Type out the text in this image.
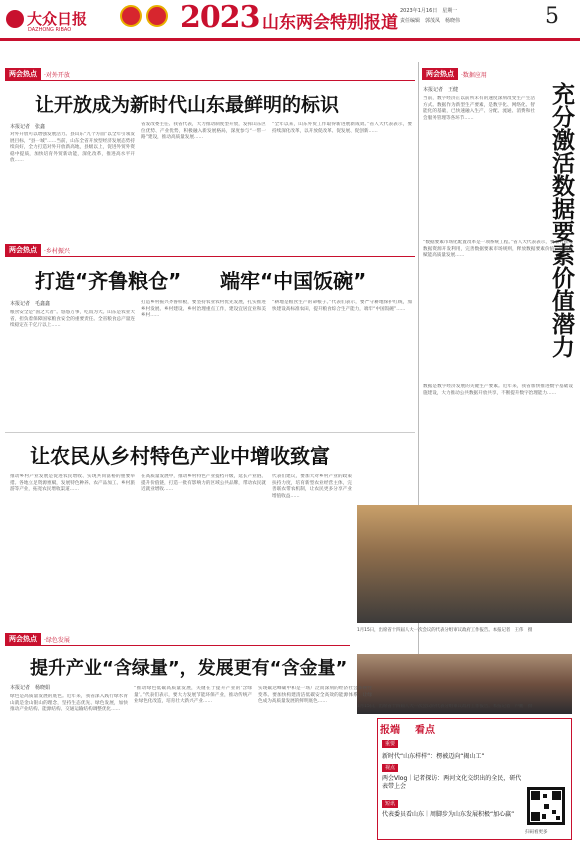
大众日报
DAZHONG RIBAO	2023 山东两会特别报道
2023年1月16日　星期一
责任编辑　郭茂凤　杨晓伟	5
两会热点	·对外开放
让开放成为新时代山东最鲜明的标识
本报记者　张鑫
对外开放可以增强发展活力。县山东“九个方面”以全年引领发展目标，“县一城”……当前，山东全省开放型经济发展态势持续向好，全力打造对外开放新高地，县级以上，促进外贸外资稳中提质，加快培育外贸新动能，深化改革，推进高水平开放……
省发改委主任、我省代表，大力推动制度型开放，发挥山东区位优势、产业优势，积极融入新发展格局，深度参与“一带一路”建设，推动高质量发展……
“全年以来，山东外贸工作取得新进展新成效。”省人大代表表示，要持续深化改革，以开放促改革、促发展、促创新……
两会热点	·数据应用
充分激活数据要素价值潜力
本报记者　王健
当前，数字经济正以前所未有的速度深刻改变生产生活方式。数据作为新型生产要素，是数字化、网络化、智能化的基础，已快速融入生产、分配、流通、消费和社会服务管理等各环节……
“数据要素市场化配置改革是一项系统工程。”省人大代表表示，要着力推进数据资源开发利用，完善数据要素市场规则，释放数据要素价值，以数据赋能高质量发展……
数据是数字经济发展的关键生产要素。近年来，我省加快推进数字基础设施建设，大力推动公共数据开放共享，不断提升数字治理能力……
两会热点	·乡村振兴
打造“齐鲁粮仓” 端牢“中国饭碗”
本报记者　毛鑫鑫
粮食安全是“国之大者”。悠悠万事，吃饭为大。山东是农业大省，担负着保障国家粮食安全的重要责任。全省粮食总产量连续稳定在千亿斤以上……
打造乡村振兴齐鲁样板，要坚持农业农村优先发展，扎实推进乡村发展、乡村建设、乡村治理重点工作，建设宜居宜业和美乡村……
“耕地是粮食生产的命根子。”代表们表示，要严守耕地保护红线，加快建设高标准农田，提升粮食综合生产能力，端牢“中国饭碗”……
让农民从乡村特色产业中增收致富
推动乡村产业发展是促进农民增收、实现共同富裕的重要举措。各地立足资源禀赋，发展特色种养、农产品加工、乡村旅游等产业，拓宽农民增收渠道……
在高质量发展中，推动乡村特色产业提档升级，延长产业链、提升价值链，打造一批有影响力的区域公共品牌，带动农民就近就业增收……
代表们建议，要加大对乡村产业的政策扶持力度，培育新型农业经营主体，完善联农带农机制，让农民更多分享产业增值收益……
1月15日，出席省十四届人大一次会议的代表分组审议政府工作报告。本报记者　王伟　摄
1月15日，出席省十四届人大一次会议的代表分组审议政府工作报告。本报记者　卢鹏　摄
两会热点	·绿色发展
提升产业“含绿量”，发展更有“含金量”
本报记者　杨晓娟
绿色是高质量发展的底色。近年来，我省深入践行绿水青山就是金山银山的理念，坚持生态优先、绿色发展，加快推动产业结构、能源结构、交通运输结构调整优化……
“推动绿色低碳高质量发展，关键在于提升产业的‘含绿量’。”代表们表示，要大力发展节能环保产业，推动传统产业绿色化改造，培育壮大新兴产业……
实现碳达峰碳中和是一场广泛而深刻的经济社会系统性变革。要加快构建清洁低碳安全高效的能源体系，让绿色成为高质量发展的鲜明底色……
报端 看点
重要
新时代“山东样样”：楞被迈向“揭山工”
视点
两会Vlog｜记者探访：两河文化交织出的全民，研代表带上会
短讯
代表委员看山东｜周脚步为山东发展积极“加心赢”
扫码看更多
